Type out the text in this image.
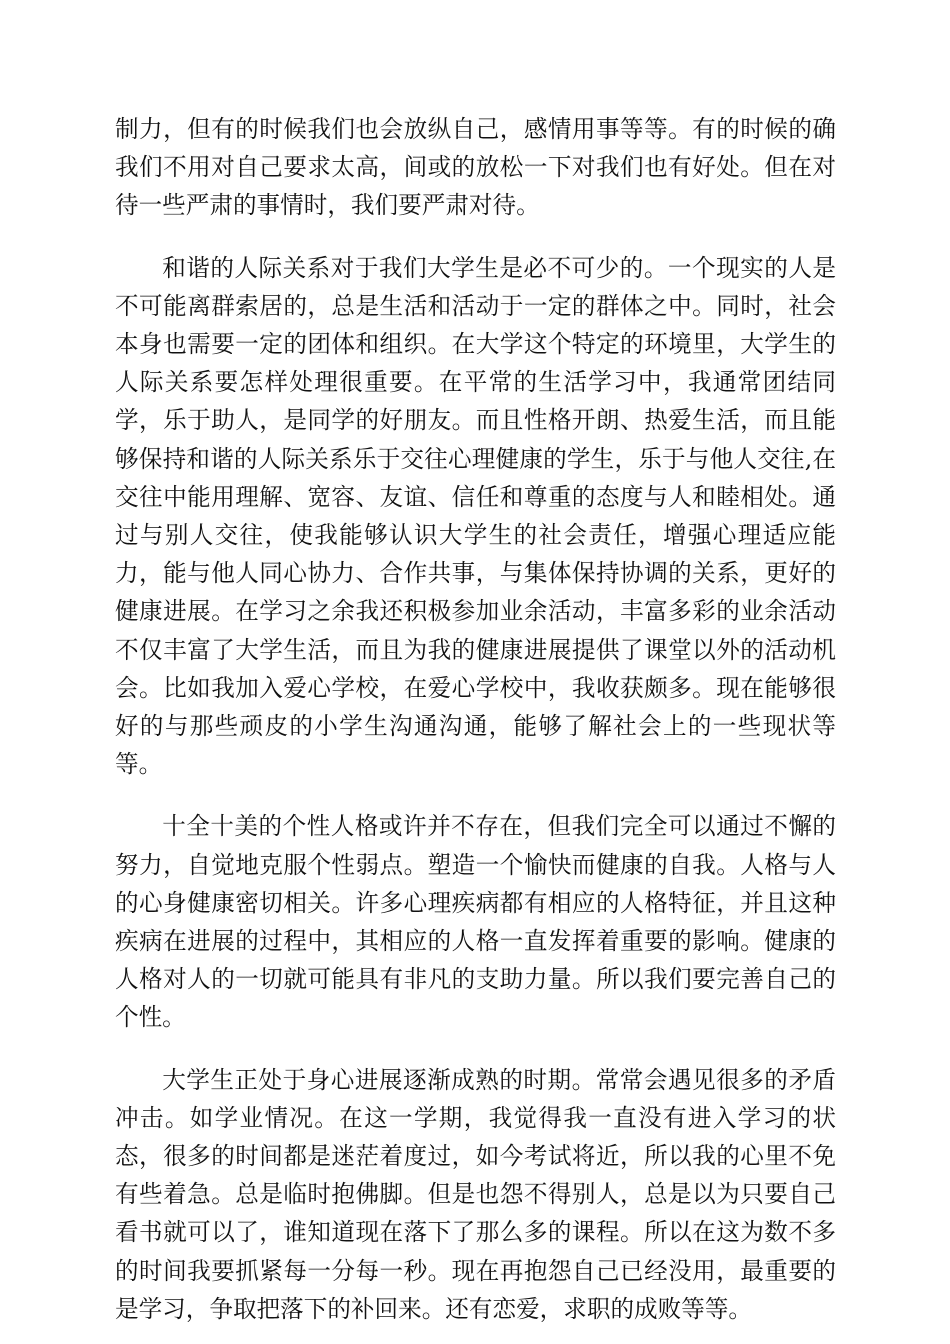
制力，但有的时候我们也会放纵自己，感情用事等等。有的时候的确我们不用对自己要求太高，间或的放松一下对我们也有好处。但在对待一些严肃的事情时，我们要严肃对待。

和谐的人际关系对于我们大学生是必不可少的。一个现实的人是不可能离群索居的，总是生活和活动于一定的群体之中。同时，社会本身也需要一定的团体和组织。在大学这个特定的环境里，大学生的人际关系要怎样处理很重要。在平常的生活学习中，我通常团结同学，乐于助人，是同学的好朋友。而且性格开朗、热爱生活，而且能够保持和谐的人际关系乐于交往心理健康的学生，乐于与他人交往,在交往中能用理解、宽容、友谊、信任和尊重的态度与人和睦相处。通过与别人交往，使我能够认识大学生的社会责任，增强心理适应能力，能与他人同心协力、合作共事，与集体保持协调的关系，更好的健康进展。在学习之余我还积极参加业余活动，丰富多彩的业余活动不仅丰富了大学生活，而且为我的健康进展提供了课堂以外的活动机会。比如我加入爱心学校，在爱心学校中，我收获颇多。现在能够很好的与那些顽皮的小学生沟通沟通，能够了解社会上的一些现状等等。

十全十美的个性人格或许并不存在，但我们完全可以通过不懈的努力，自觉地克服个性弱点。塑造一个愉快而健康的自我。人格与人的心身健康密切相关。许多心理疾病都有相应的人格特征，并且这种疾病在进展的过程中，其相应的人格一直发挥着重要的影响。健康的人格对人的一切就可能具有非凡的支助力量。所以我们要完善自己的个性。

大学生正处于身心进展逐渐成熟的时期。常常会遇见很多的矛盾冲击。如学业情况。在这一学期，我觉得我一直没有进入学习的状态，很多的时间都是迷茫着度过，如今考试将近，所以我的心里不免有些着急。总是临时抱佛脚。但是也怨不得别人，总是以为只要自己看书就可以了，谁知道现在落下了那么多的课程。所以在这为数不多的时间我要抓紧每一分每一秒。现在再抱怨自己已经没用，最重要的是学习，争取把落下的补回来。还有恋爱，求职的成败等等。
